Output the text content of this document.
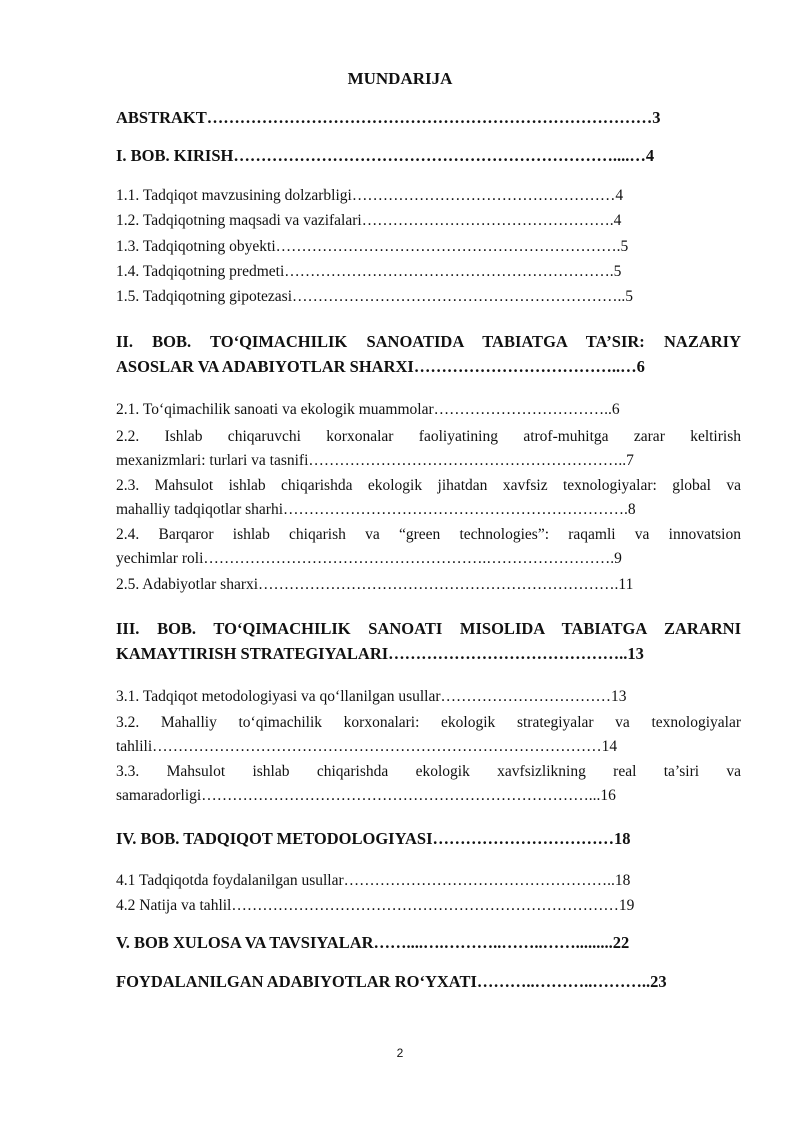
MUNDARIJA
ABSTRAKT………………………………………………………………………3
I. BOB. KIRISH……………………………………………………………....…4
1.1. Tadqiqot mavzusining dolzarbligi……………………………………………4
1.2. Tadqiqotning maqsadi va vazifalari………………………………………….4
1.3. Tadqiqotning obyekti………………………………………………………….5
1.4. Tadqiqotning predmeti……………………………………………………….5
1.5. Tadqiqotning gipotezasi………………………………………………………..5
II. BOB. TO‘QIMACHILIK SANOATIDA TABIATGA TA’SIR: NAZARIY
ASOSLAR VA ADABIYOTLAR SHARXI………………………………..…6
2.1. To‘qimachilik sanoati va ekologik muammolar……………………………..6
2.2. Ishlab chiqaruvchi korxonalar faoliyatining atrof-muhitga zarar keltirish
mexanizmlari: turlari va tasnifi……………………………………………………..7
2.3. Mahsulot ishlab chiqarishda ekologik jihatdan xavfsiz texnologiyalar: global va
mahalliy tadqiqotlar sharhi………………………………………………………….8
2.4. Barqaror ishlab chiqarish va “green technologies”: raqamli va innovatsion
yechimlar roli……………………………………………….…………………….9
2.5. Adabiyotlar sharxi…………………………………………………………….11
III. BOB. TO‘QIMACHILIK SANOATI MISOLIDA TABIATGA ZARARNI
KAMAYTIRISH STRATEGIYALARI……………………………………..13
3.1. Tadqiqot metodologiyasi va qo‘llanilgan usullar……………………………13
3.2. Mahalliy to‘qimachilik korxonalari: ekologik strategiyalar va texnologiyalar
tahlili……………………………………………………………………………14
3.3. Mahsulot ishlab chiqarishda ekologik xavfsizlikning real ta’siri va
samaradorligi…………………………………………………………………...16
IV. BOB. TADQIQOT METODOLOGIYASI……………………………18
4.1 Tadqiqotda foydalanilgan usullar……………………………………………..18
4.2 Natija va tahlil…………………………………………………………………19
V. BOB XULOSA VA TAVSIYALAR……....….………..……..…….........22
FOYDALANILGAN ADABIYOTLAR RO‘YXATI………..………..………..23
2
